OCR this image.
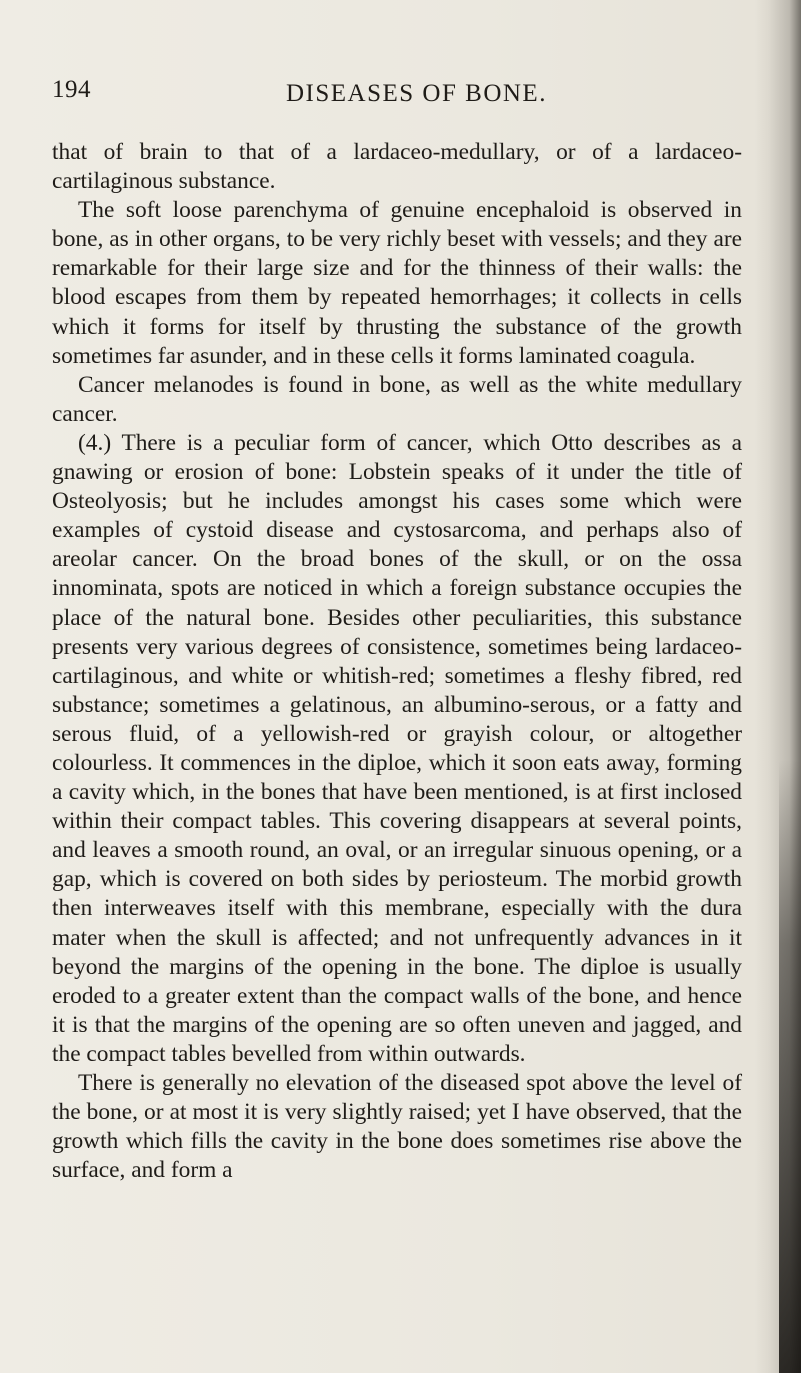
194	DISEASES OF BONE.

that of brain to that of a lardaceo-medullary, or of a lardaceo-cartilaginous substance.

The soft loose parenchyma of genuine encephaloid is observed in bone, as in other organs, to be very richly beset with vessels; and they are remarkable for their large size and for the thinness of their walls: the blood escapes from them by repeated hemorrhages; it collects in cells which it forms for itself by thrusting the substance of the growth sometimes far asunder, and in these cells it forms laminated coagula.

Cancer melanodes is found in bone, as well as the white medullary cancer.

(4.) There is a peculiar form of cancer, which Otto describes as a gnawing or erosion of bone: Lobstein speaks of it under the title of Osteolyosis; but he includes amongst his cases some which were examples of cystoid disease and cystosarcoma, and perhaps also of areolar cancer. On the broad bones of the skull, or on the ossa innominata, spots are noticed in which a foreign substance occupies the place of the natural bone. Besides other peculiarities, this substance presents very various degrees of consistence, sometimes being lardaceo-cartilaginous, and white or whitish-red; sometimes a fleshy fibred, red substance; sometimes a gelatinous, an albumino-serous, or a fatty and serous fluid, of a yellowish-red or grayish colour, or altogether colourless. It commences in the diploe, which it soon eats away, forming a cavity which, in the bones that have been mentioned, is at first inclosed within their compact tables. This covering disappears at several points, and leaves a smooth round, an oval, or an irregular sinuous opening, or a gap, which is covered on both sides by periosteum. The morbid growth then interweaves itself with this membrane, especially with the dura mater when the skull is affected; and not unfrequently advances in it beyond the margins of the opening in the bone. The diploe is usually eroded to a greater extent than the compact walls of the bone, and hence it is that the margins of the opening are so often uneven and jagged, and the compact tables bevelled from within outwards.

There is generally no elevation of the diseased spot above the level of the bone, or at most it is very slightly raised; yet I have observed, that the growth which fills the cavity in the bone does sometimes rise above the surface, and form a
